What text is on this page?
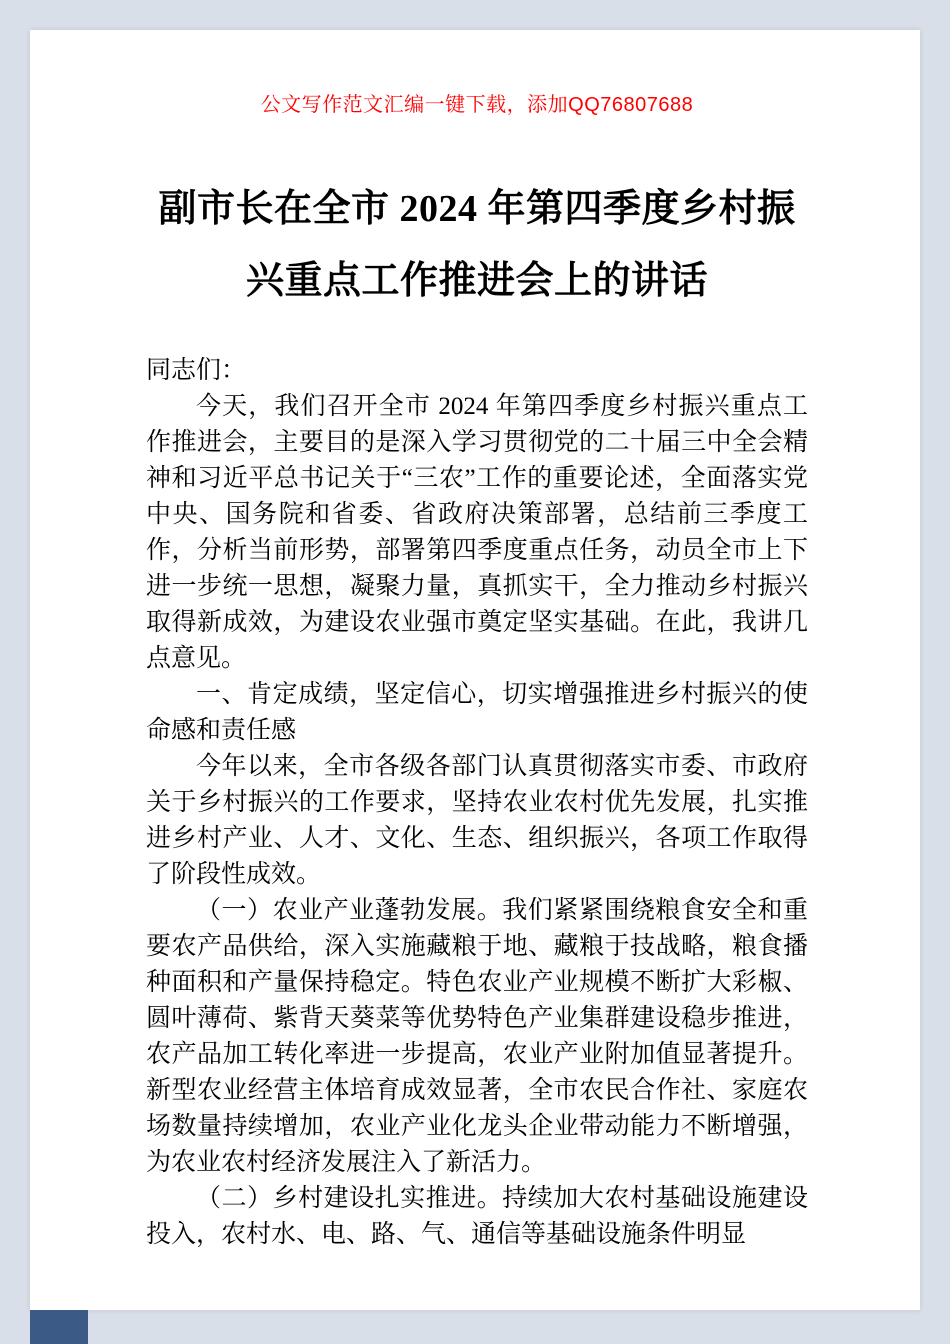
公文写作范文汇编一键下载，添加QQ76807688
副市长在全市 2024 年第四季度乡村振兴重点工作推进会上的讲话

同志们：

今天，我们召开全市 2024 年第四季度乡村振兴重点工作推进会，主要目的是深入学习贯彻党的二十届三中全会精神和习近平总书记关于“三农”工作的重要论述，全面落实党中央、国务院和省委、省政府决策部署，总结前三季度工作，分析当前形势，部署第四季度重点任务，动员全市上下进一步统一思想，凝聚力量，真抓实干，全力推动乡村振兴取得新成效，为建设农业强市奠定坚实基础。在此，我讲几点意见。

一、肯定成绩，坚定信心，切实增强推进乡村振兴的使命感和责任感

今年以来，全市各级各部门认真贯彻落实市委、市政府关于乡村振兴的工作要求，坚持农业农村优先发展，扎实推进乡村产业、人才、文化、生态、组织振兴，各项工作取得了阶段性成效。

（一）农业产业蓬勃发展。我们紧紧围绕粮食安全和重要农产品供给，深入实施藏粮于地、藏粮于技战略，粮食播种面积和产量保持稳定。特色农业产业规模不断扩大彩椒、圆叶薄荷、紫背天葵菜等优势特色产业集群建设稳步推进，农产品加工转化率进一步提高，农业产业附加值显著提升。新型农业经营主体培育成效显著，全市农民合作社、家庭农场数量持续增加，农业产业化龙头企业带动能力不断增强，为农业农村经济发展注入了新活力。

（二）乡村建设扎实推进。持续加大农村基础设施建设投入，农村水、电、路、气、通信等基础设施条件明显
